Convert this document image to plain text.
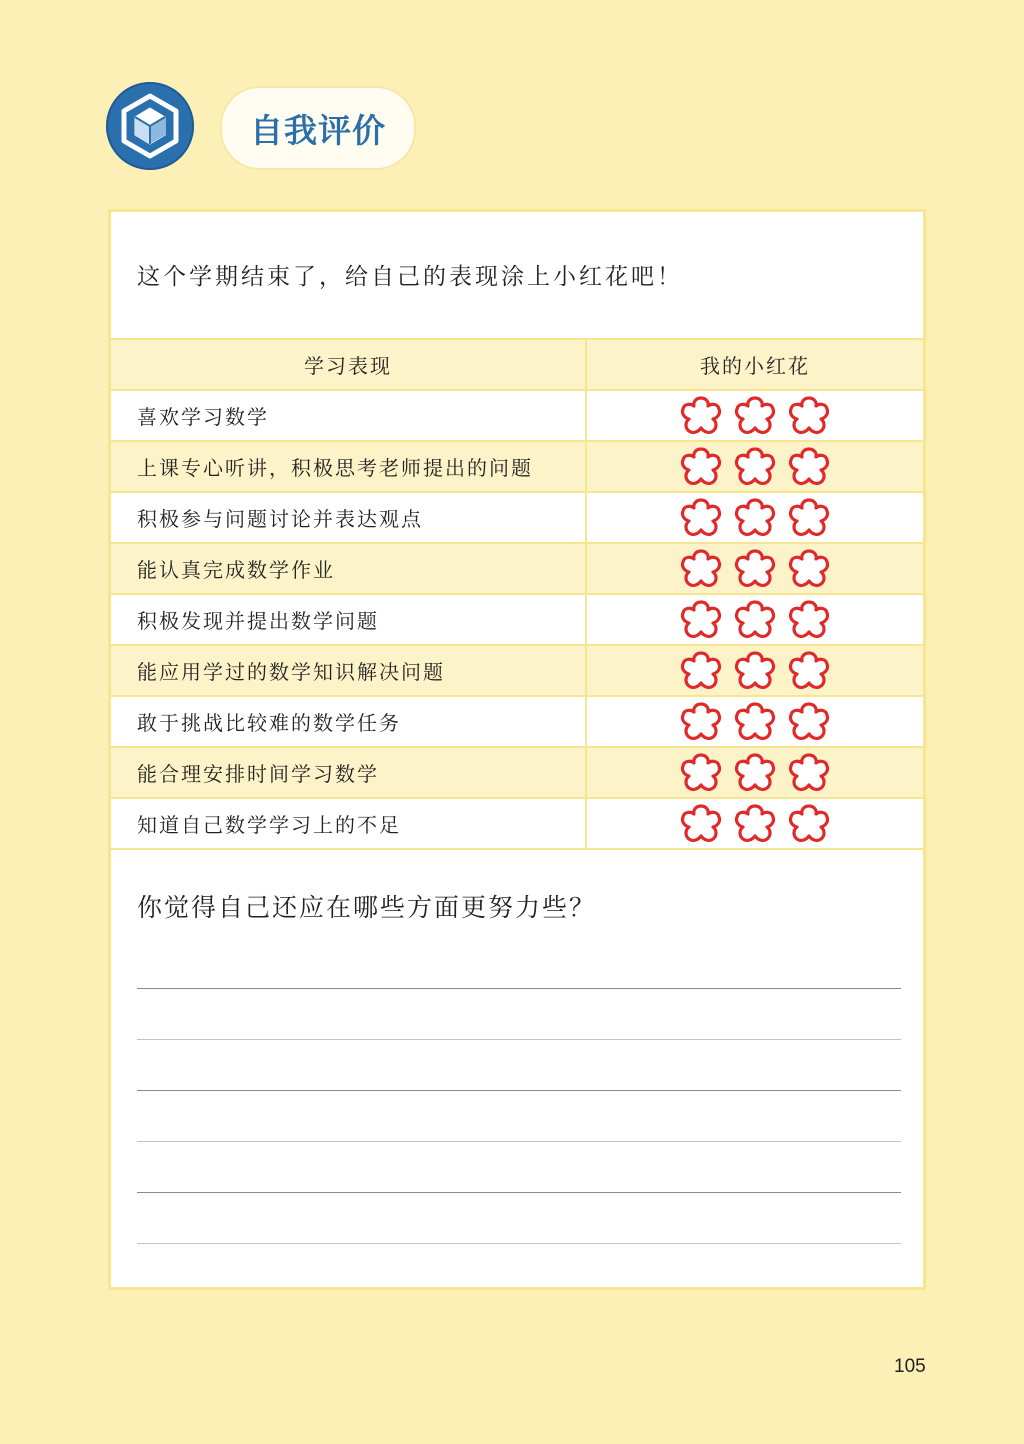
自我评价
这个学期结束了，给自己的表现涂上小红花吧！
学习表现	我的小红花
喜欢学习数学	
上课专心听讲，积极思考老师提出的问题	
积极参与问题讨论并表达观点	
能认真完成数学作业	
积极发现并提出数学问题	
能应用学过的数学知识解决问题	
敢于挑战比较难的数学任务	
能合理安排时间学习数学	
知道自己数学学习上的不足	
你觉得自己还应在哪些方面更努力些？
105
